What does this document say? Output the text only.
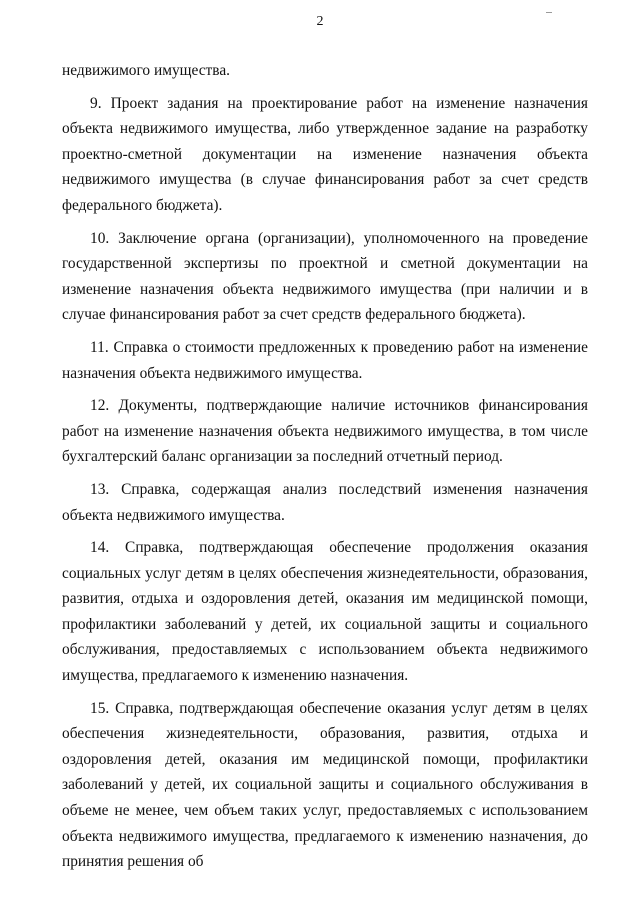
2

недвижимого имущества.

9. Проект задания на проектирование работ на изменение назначения объекта недвижимого имущества, либо утвержденное задание на разработку проектно-сметной документации на изменение назначения объекта недвижимого имущества (в случае финансирования работ за счет средств федерального бюджета).

10. Заключение органа (организации), уполномоченного на проведение государственной экспертизы по проектной и сметной документации на изменение назначения объекта недвижимого имущества (при наличии и в случае финансирования работ за счет средств федерального бюджета).

11. Справка о стоимости предложенных к проведению работ на изменение назначения объекта недвижимого имущества.

12. Документы, подтверждающие наличие источников финансирования работ на изменение назначения объекта недвижимого имущества, в том числе бухгалтерский баланс организации за последний отчетный период.

13. Справка, содержащая анализ последствий изменения назначения объекта недвижимого имущества.

14. Справка, подтверждающая обеспечение продолжения оказания социальных услуг детям в целях обеспечения жизнедеятельности, образования, развития, отдыха и оздоровления детей, оказания им медицинской помощи, профилактики заболеваний у детей, их социальной защиты и социального обслуживания, предоставляемых с использованием объекта недвижимого имущества, предлагаемого к изменению назначения.

15. Справка, подтверждающая обеспечение оказания услуг детям в целях обеспечения жизнедеятельности, образования, развития, отдыха и оздоровления детей, оказания им медицинской помощи, профилактики заболеваний у детей, их социальной защиты и социального обслуживания в объеме не менее, чем объем таких услуг, предоставляемых с использованием объекта недвижимого имущества, предлагаемого к изменению назначения, до принятия решения об
